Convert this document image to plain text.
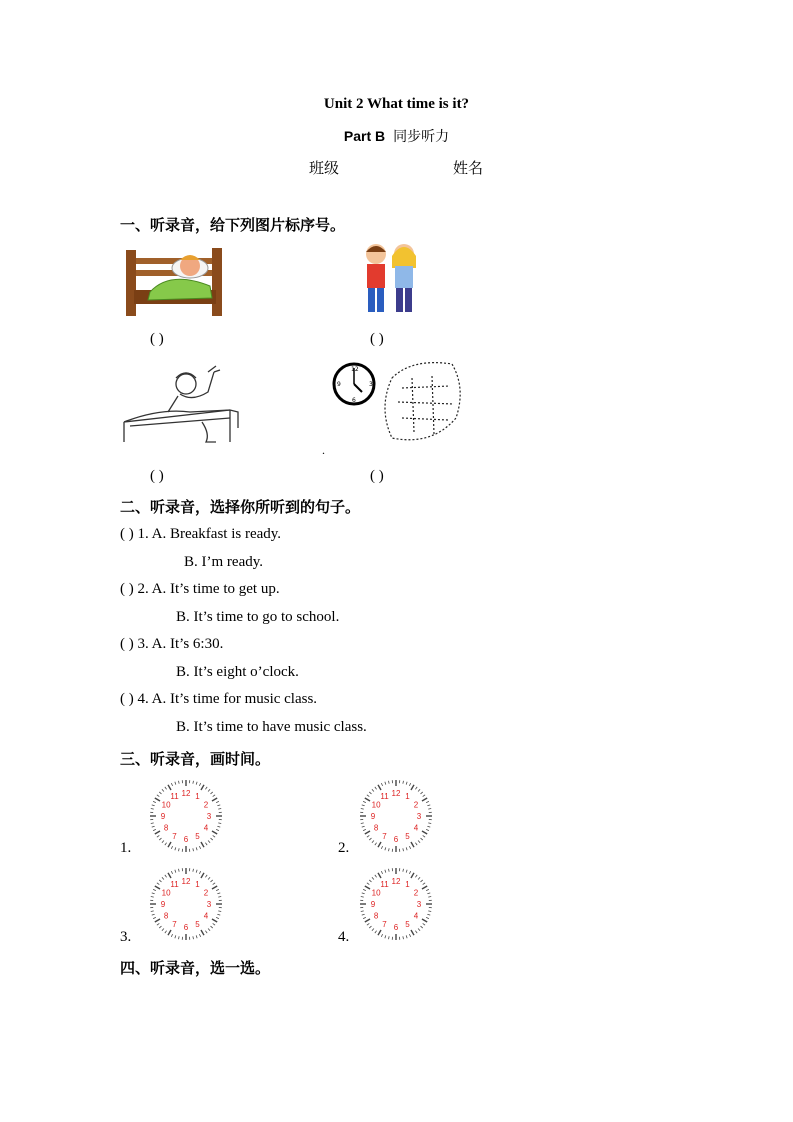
Unit 2 What time is it?
Part B 同步听力
班级	姓名
一、听录音，给下列图片标序号。
( )	( )
12
3
6
9
.
( )	( )
二、听录音，选择你所听到的句子。
( ) 1. A. Breakfast is ready.
B. I’m ready.
( ) 2. A. It’s time to get up.
B. It’s time to go to school.
( ) 3. A. It’s 6:30.
B. It’s eight o’clock.
( ) 4. A. It’s time for music class.
B. It’s time to have music class.
三、听录音，画时间。
1.
1
2
3
4
5
6
7
8
9
10
11 12
2.
1
2
3
4
5
6
7
8
9
10
11 12
3.
1
2
3
4
5
6
7
8
9
10
11 12
4.
1
2
3
4
5
6
7
8
9
10
11 12
四、听录音，选一选。
